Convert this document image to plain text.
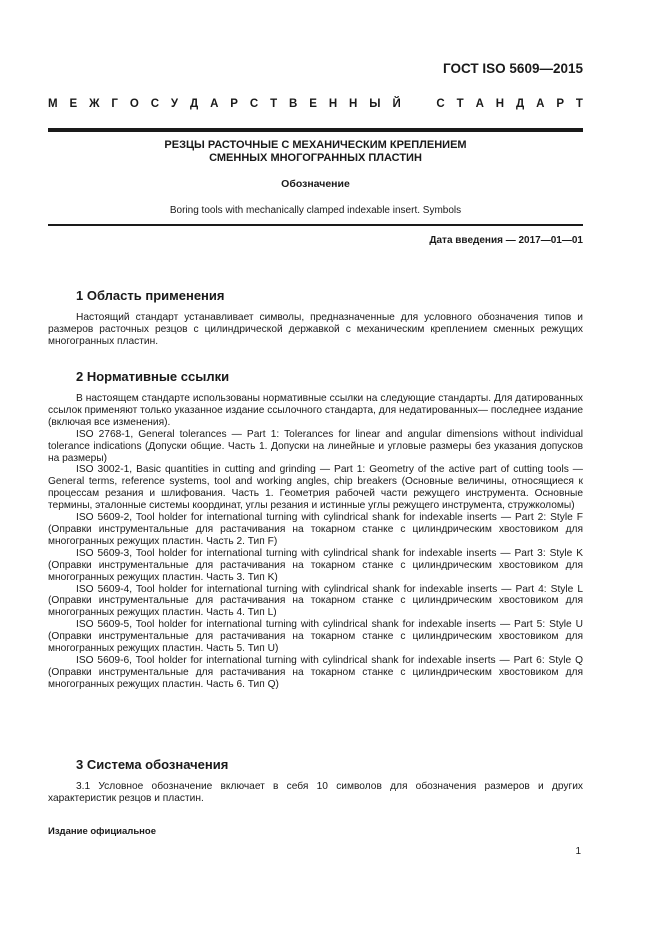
ГОСТ ISO 5609—2015
М Е Ж Г О С У Д А Р С Т В Е Н Н Ы Й	С Т А Н Д А Р Т
РЕЗЦЫ РАСТОЧНЫЕ С МЕХАНИЧЕСКИМ КРЕПЛЕНИЕМ
СМЕННЫХ МНОГОГРАННЫХ ПЛАСТИН
Обозначение
Boring tools with mechanically clamped indexable insert. Symbols
Дата введения — 2017—01—01
1 Область применения

Настоящий стандарт устанавливает символы, предназначенные для условного обозначения типов и размеров расточных резцов с цилиндрической державкой с механическим креплением сменных режущих многогранных пластин.

2 Нормативные ссылки

В настоящем стандарте использованы нормативные ссылки на следующие стандарты. Для датированных ссылок применяют только указанное издание ссылочного стандарта, для недатированных— последнее издание (включая все изменения).

ISO 2768-1, General tolerances — Part 1: Tolerances for linear and angular dimensions without individual tolerance indications (Допуски общие. Часть 1. Допуски на линейные и угловые размеры без указания допусков на размеры)

ISO 3002-1, Basic quantities in cutting and grinding — Part 1: Geometry of the active part of cutting tools — General terms, reference systems, tool and working angles, chip breakers (Основные величины, относящиеся к процессам резания и шлифования. Часть 1. Геометрия рабочей части режущего инструмента. Основные термины, эталонные системы координат, углы резания и истинные углы режущего инструмента, стружколомы)

ISO 5609-2, Tool holder for international turning with cylindrical shank for indexable inserts — Part 2: Style F (Оправки инструментальные для растачивания на токарном станке с цилиндрическим хвостовиком для многогранных режущих пластин. Часть 2. Тип F)

ISO 5609-3, Tool holder for international turning with cylindrical shank for indexable inserts — Part 3: Style K (Оправки инструментальные для растачивания на токарном станке с цилиндрическим хвостовиком для многогранных режущих пластин. Часть 3. Тип K)

ISO 5609-4, Tool holder for international turning with cylindrical shank for indexable inserts — Part 4: Style L (Оправки инструментальные для растачивания на токарном станке с цилиндрическим хвостовиком для многогранных режущих пластин. Часть 4. Тип L)

ISO 5609-5, Tool holder for international turning with cylindrical shank for indexable inserts — Part 5: Style U (Оправки инструментальные для растачивания на токарном станке с цилиндрическим хвостовиком для многогранных режущих пластин. Часть 5. Тип U)

ISO 5609-6, Tool holder for international turning with cylindrical shank for indexable inserts — Part 6: Style Q (Оправки инструментальные для растачивания на токарном станке с цилиндрическим хвостовиком для многогранных режущих пластин. Часть 6. Тип Q)

3 Система обозначения

3.1 Условное обозначение включает в себя 10 символов для обозначения размеров и других характеристик резцов и пластин.

Издание официальное
1
